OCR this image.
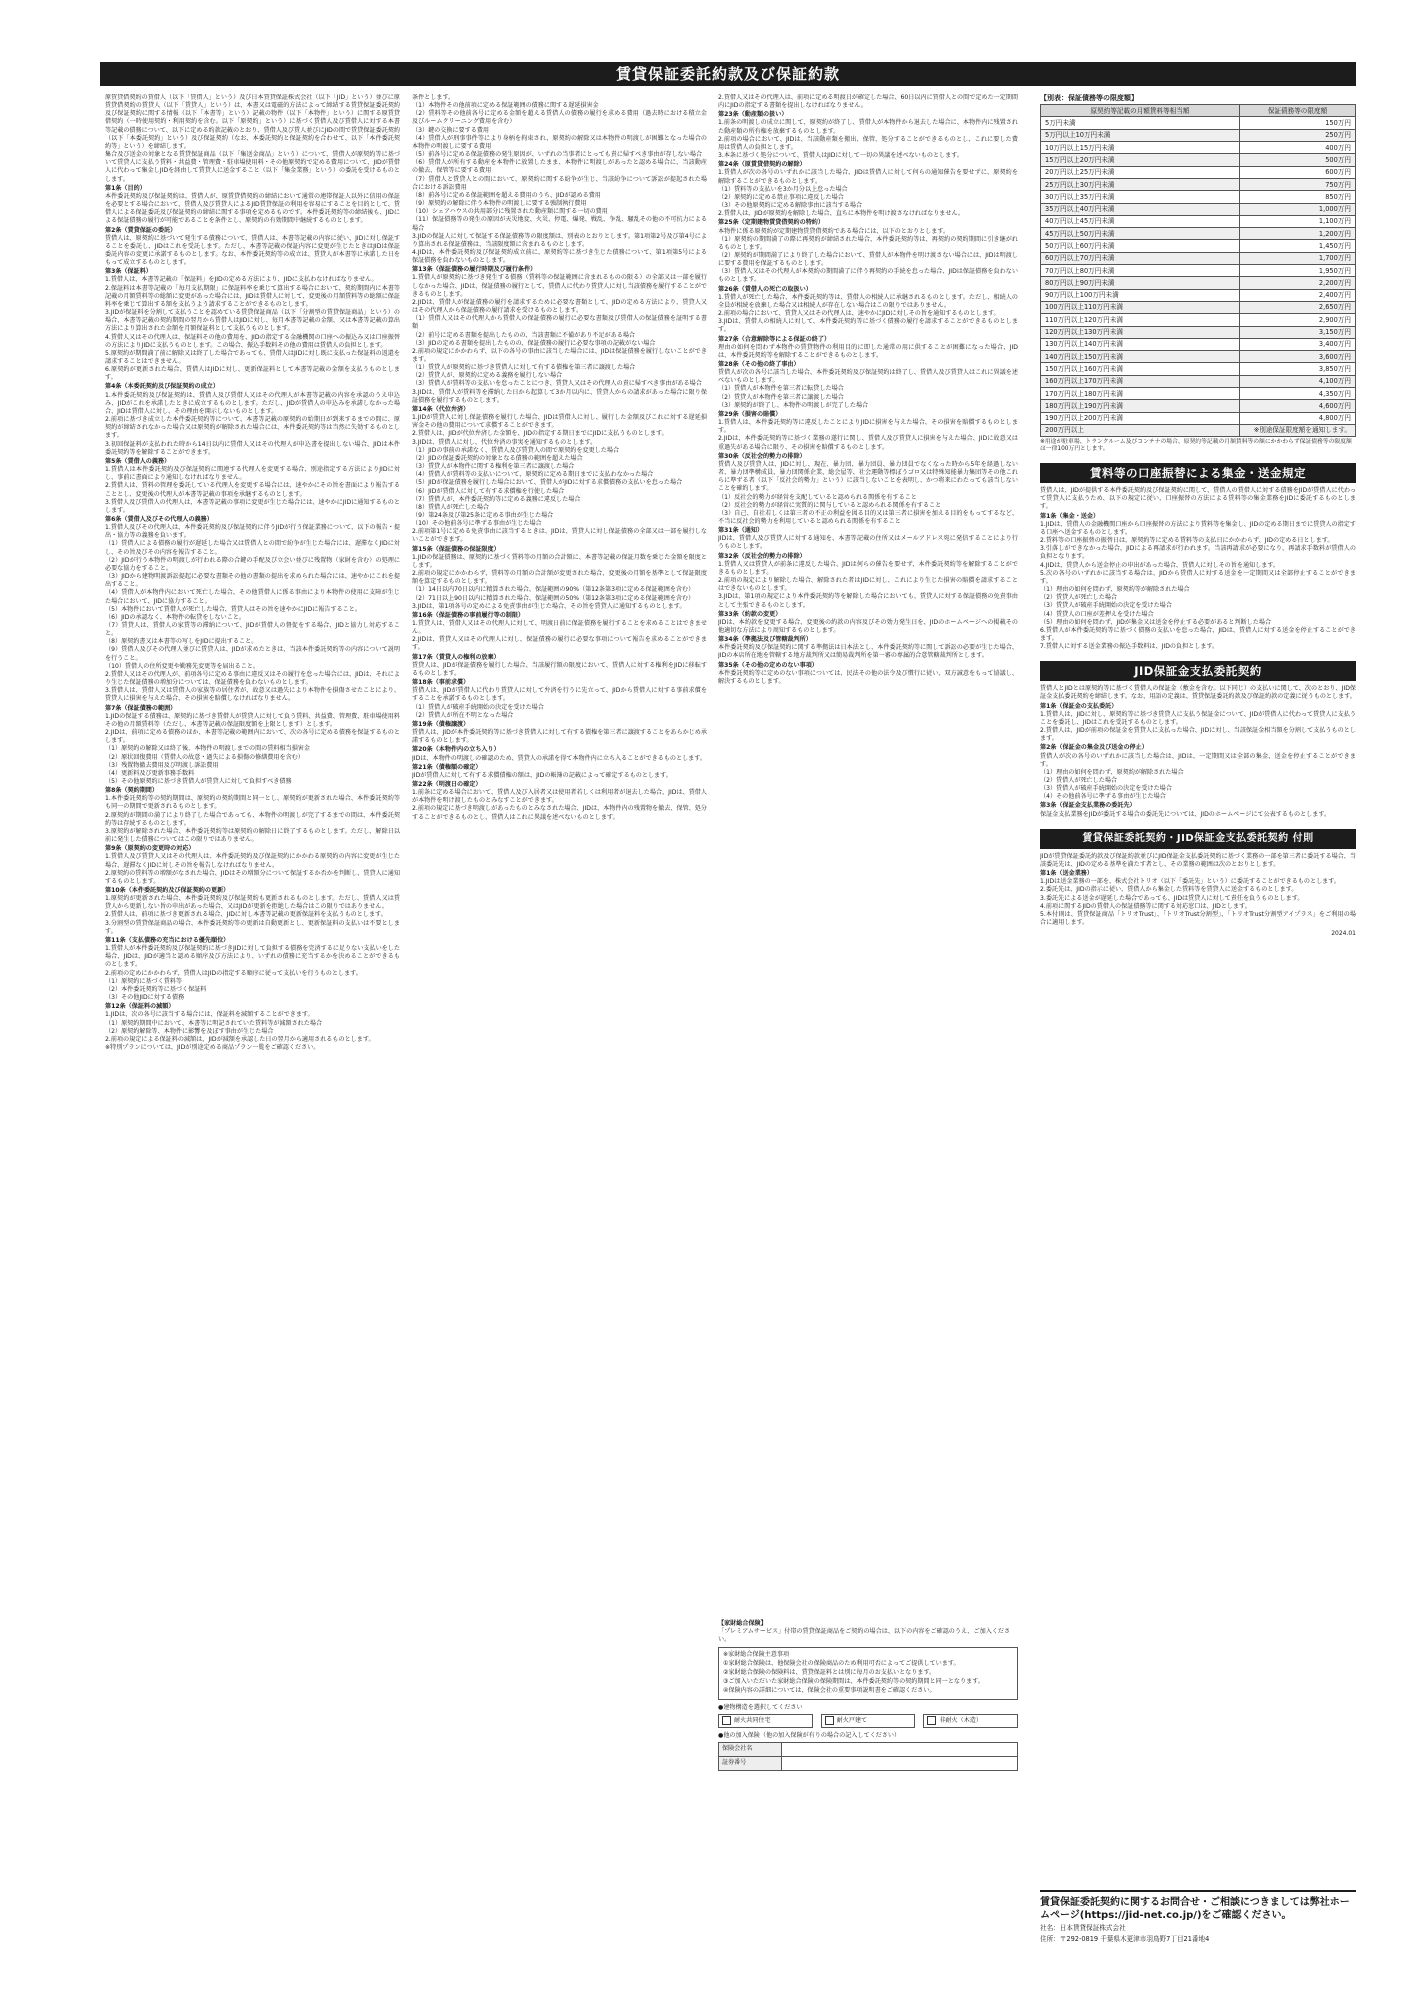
賃貸保証委託約款及び保証約款
原賃貸借契約の賃借人（以下「賃借人」という）及び日本賃貸保証株式会社（以下「JID」という）並びに原賃貸借契約の賃貸人（以下「賃貸人」という）は、本書又は電磁的方法によって締結する賃貸保証委託契約及び保証契約に関する情報（以下「本書等」という）記載の物件（以下「本物件」という）に関する原賃貸借契約（一時使用契約・利用契約を含む。以下「原契約」という）に基づく賃借人及び賃借人に対する本書等記載の債務について、以下に定める約款記載のとおり、賃借人及び賃人並びにJIDの間で賃貸保証委託契約（以下「本委託契約」という）及び保証契約（なお、本委託契約と保証契約を合わせて、以下「本件委託契約等」という）を締結します。
集合及び送金の対象となる賃貸保証商品（以下「集送金商品」という）について、賃借人が原契約等に基づいて賃貸人に支払う賃料・共益費・管理費・駐車場使用料・その他原契約で定める費用について、JIDが賃借人に代わって集金しJIDを経由して賃貸人に送金すること（以下「集金業務」という）の委託を受けるものとします。
第1条（目的）
本件委託契約及び保証契約は、賃借人が、原賃貸借契約の締結において通常の連帯保証人以外に信用の保証を必要とする場合において、賃借人及び賃貸人によるJID賃貸保証の利用を容易にすることを目的として、賃借人による保証委託及び保証契約の締結に関する事項を定めるものです。本件委託契約等の締結後も、JIDによる保証債務の履行が可能であることを条件とし、原契約の有効期間中継続するものとします。
第2条（賃貸保証の委託）
賃借人は、原契約に基づいて発生する債務について、賃借人は、本書等記載の内容に従い、JIDに対し保証することを委託し、JIDはこれを受託します。ただし、本書等記載の保証内容に変更が生じたときはJIDは保証委託内容の変更に承諾するものとします。なお、本件委託契約等の成立は、賃貸人が本書等に承諾した日をもって成立するものとします。
第3条（保証料）
1.賃借人は、本書等記載の「保証料」をJIDの定める方法により、JIDに支払わなければなりません。
2.保証料は本書等記載の「毎月支払期限」に保証料率を乗じて算出する場合において、契約期間内に本書等記載の月額賃料等の総額に変更があった場合には、JIDは賃借人に対して、変更後の月額賃料等の総額に保証料率を乗じて算出する額を支払うよう請求することができるものとします。
3.JIDが保証料を分割して支払うことを認めている賃貸保証商品（以下「分割型の賃貸保証商品」という）の場合、本書等記載の契約期間の翌月から賃借人はJIDに対し、毎月本書等記載の金額、又は本書等記載の算出方法により算出された金額を月額保証料として支払うものとします。
4.賃借人又はその代理人は、保証料その他の費用を、JIDの指定する金融機関の口座への振込み又は口座振替の方法によりJIDに支払うものとします。この場合、振込手数料その他の費用は賃借人の負担とします。
5.原契約が期間満了前に解除又は終了した場合であっても、賃借人はJIDに対し既に支払った保証料の返還を請求することはできません。
6.原契約が更新された場合、賃借人はJIDに対し、更新保証料として本書等記載の金額を支払うものとします。
第4条（本委託契約及び保証契約の成立）
1.本件委託契約及び保証契約は、賃借人及び賃借人又はその代理人が本書等記載の内容を承認のうえ申込み、JIDがこれを承諾したときに成立するものとします。ただし、JIDが賃借人の申込みを承諾しなかった場合、JIDは賃借人に対し、その理由を開示しないものとします。
2.前項に基づき成立した本件委託契約等について、本書等記載の原契約の始期日が到来するまでの間に、原契約が締結されなかった場合又は原契約が解除された場合には、本件委託契約等は当然に失効するものとします。
3.初回保証料が支払われた時から14日以内に賃借人又はその代理人が申込書を提出しない場合、JIDは本件委託契約等を解除することができます。
第5条（賃借人の義務）
1.賃借人は本件委託契約及び保証契約に関連する代理人を変更する場合、別途指定する方法によりJIDに対し、事前に書面により通知しなければなりません。
2.賃借人は、賃料の管理を委託している代理人を変更する場合には、速やかにその旨を書面により報告することとし、変更後の代理人が本書等記載の事項を承継するものとします。
3.賃借人及び賃借人の代理人は、本書等記載の事項に変更が生じた場合には、速やかにJIDに通知するものとします。
第6条（賃借人及びその代理人の義務）
1.賃借人及びその代理人は、本件委託契約及び保証契約に伴うJIDが行う保証業務について、以下の報告・提出・協力等の義務を負います。
（1）賃借人による債務の履行が遅延した場合又は賃借人との間で紛争が生じた場合には、遅滞なくJIDに対し、その旨及びその内容を報告すること。
（2）JIDが行う本物件の明渡しが行われる際の合鍵の手配及び立会い並びに残置物（家財を含む）の処理に必要な協力をすること。
（3）JIDから建物明渡訴訟提起に必要な書類その他の書類の提出を求められた場合には、速やかにこれを提出すること。
（4）賃借人が本物件内において死亡した場合、その他賃借人に係る事由により本物件の使用に支障が生じた場合において、JIDに協力すること。
（5）本物件において賃借人が死亡した場合、賃貸人はその旨を速やかにJIDに報告すること。
（6）JIDの承認なく、本物件の転貸をしないこと。
（7）賃貸人は、賃借人の家賃等の滞納について、JIDが賃借人の督促をする場合、JIDと協力し対応すること。
（8）原契約書又は本書等の写しをJIDに提出すること。
（9）賃借人及びその代理人並びに賃貸人は、JIDが求めたときは、当該本件委託契約等の内容について説明を行うこと。
（10）賃借人の住所変更や勤務先変更等を届出ること。
2.賃借人又はその代理人が、前項各号に定める事由に違反又はその履行を怠った場合には、JIDは、それにより生じた保証債務の増加分については、保証債務を負わないものとします。
3.賃借人は、賃借人又は賃借人の家族等の居住者が、故意又は過失により本物件を損傷させたことにより、賃貸人に損害を与えた場合、その損害を賠償しなければなりません。
第7条（保証債務の範囲）
1.JIDの保証する債務は、原契約に基づき賃借人が賃貸人に対して負う賃料、共益費、管理費、駐車場使用料その他の月額賃料等（ただし、本書等記載の保証限度額を上限とします）とします。
2.JIDは、前項に定める債務のほか、本書等記載の範囲内において、次の各号に定める債務を保証するものとします。
（1）原契約の解除又は終了後、本物件の明渡しまでの間の賃料相当損害金
（2）原状回復費用（賃借人の故意・過失による損傷の修繕費用を含む）
（3）残置物撤去費用及び明渡し訴訟費用
（4）更新料及び更新事務手数料
（5）その他原契約に基づき賃借人が賃貸人に対して負担すべき債務
第8条（契約期間）
1.本件委託契約等の契約期間は、原契約の契約期間と同一とし、原契約が更新された場合、本件委託契約等も同一の期間で更新されるものとします。
2.原契約が期間の満了により終了した場合であっても、本物件の明渡しが完了するまでの間は、本件委託契約等は存続するものとします。
3.原契約が解除された場合、本件委託契約等は原契約の解除日に終了するものとします。ただし、解除日以前に発生した債務についてはこの限りではありません。
第9条（原契約の変更時の対応）
1.賃借人及び賃貸人又はその代理人は、本件委託契約及び保証契約にかかわる原契約の内容に変更が生じた場合、遅滞なくJIDに対しその旨を報告しなければなりません。
2.原契約の賃料等の増額がなされた場合、JIDはその増額分について保証するか否かを判断し、賃貸人に通知するものとします。
第10条（本件委託契約及び保証契約の更新）
1.原契約が更新された場合、本件委託契約及び保証契約も更新されるものとします。ただし、賃借人又は賃貸人から更新しない旨の申出があった場合、又はJIDが更新を拒絶した場合はこの限りではありません。
2.賃借人は、前項に基づき更新される場合、JIDに対し本書等記載の更新保証料を支払うものとします。
3.分割型の賃貸保証商品の場合、本件委託契約等の更新は自動更新とし、更新保証料の支払いは不要とします。
第11条（支払債務の充当における優先順位）
1.賃借人が本件委託契約及び保証契約に基づきJIDに対して負担する債務を完済するに足りない支払いをした場合、JIDは、JIDが適当と認める順序及び方法により、いずれの債務に充当するかを決めることができるものとします。
2.前項の定めにかかわらず、賃借人はJIDの指定する順序に従って支払いを行うものとします。
（1）原契約に基づく賃料等
（2）本件委託契約等に基づく保証料
（3）その他JIDに対する債務
第12条（保証料の減額）
1.JIDは、次の各号に該当する場合には、保証料を減額することができます。
（1）原契約期間中において、本書等に明記されていた賃料等が減額された場合
（2）原契約解除等、本物件に影響を及ぼす事由が生じた場合
2.前項の規定による保証料の減額は、JIDが減額を承認した日の翌月から適用されるものとします。
※特別プランについては、JIDが別途定める商品プラン一覧をご確認ください。
条件とします。
（1）本物件その他前項に定める保証範囲の債務に関する遅延損害金
（2）賃料等その他前各号に定める金額を超える賃借人の債務の履行を求める費用（過去時における積立金及びルームクリーニング費用を含む）
（3）鍵の交換に要する費用
（4）賃借人が刑事事件等により身柄を拘束され、原契約の解除又は本物件の明渡しが困難となった場合の本物件の明渡しに要する費用
（5）前各号に定める保証債務の発生原因が、いずれの当事者にとっても責に帰すべき事由が存しない場合
（6）賃借人が所有する動産を本物件に放置したまま、本物件に明渡しがあったと認める場合に、当該動産の撤去、保管等に要する費用
（7）賃借人と賃貸人との間において、原契約に関する紛争が生じ、当該紛争について訴訟が提起された場合における訴訟費用
（8）前各号に定める保証範囲を超える費用のうち、JIDが認める費用
（9）原契約の解除に伴う本物件の明渡しに要する強制執行費用
（10）シェアハウスの共用部分に残置された動産類に関する一切の費用
（11）保証債務等の発生の原因が天災地変、火災、停電、爆発、戦乱、争乱、騒乱その他の不可抗力による場合
3.JIDの保証人に対して保証する保証債務等の限度額は、別表のとおりとします。第1項第2号及び第4号により算出される保証債務は、当該限度額に含まれるものとします。
4.JIDは、本件委託契約及び保証契約成立前に、原契約等に基づき生じた債務について、第1項第5号による保証債務を負わないものとします。
第13条（保証債務の履行時期及び履行条件）
1.賃借人が原契約に基づき発生する債務（賃料等の保証範囲に含まれるものの限る）の全部又は一部を履行しなかった場合、JIDは、保証債務の履行として、賃借人に代わり賃貸人に対し当該債務を履行することができるものとします。
2.JIDは、賃借人が保証債務の履行を請求するために必要な書類として、JIDの定める方法により、賃貸人又はその代理人から保証債務の履行請求を受けるものとします。
（1）賃借人又はその代理人から賃借人の保証債務の履行に必要な書類及び賃借人の保証債務を証明する書類
（2）前号に定める書類を提出したものの、当該書類に不備があり不足がある場合
（3）JIDの定める書類を提出したものの、保証債務の履行に必要な事項の記載がない場合
2.前項の規定にかかわらず、以下の各号の事由に該当した場合には、JIDは保証債務を履行しないことができます。
（1）賃貸人が原契約に基づき賃借人に対して有する債権を第三者に譲渡した場合
（2）賃貸人が、原契約に定める義務を履行しない場合
（3）賃借人が賃料等の支払いを怠ったことにつき、賃貸人又はその代理人の責に帰すべき事由がある場合
3.JIDは、賃借人が賃料等を滞納した日から起算して3か月以内に、賃貸人からの請求があった場合に限り保証債務を履行するものとします。
第14条（代位弁済）
1.JIDが賃貸人に対し保証債務を履行した場合、JIDは賃借人に対し、履行した金額及びこれに対する遅延損害金その他の費用について求償することができます。
2.賃借人は、JIDが代位弁済した金額を、JIDの指定する期日までにJIDに支払うものとします。
3.JIDは、賃借人に対し、代位弁済の事実を通知するものとします。
（1）JIDの事前の承諾なく、賃借人及び賃貸人の間で原契約を変更した場合
（2）JIDの保証委託契約の対象となる債務の範囲を超えた場合
（3）賃貸人が本物件に関する権利を第三者に譲渡した場合
（4）賃借人が賃料等の支払いについて、原契約に定める期日までに支払わなかった場合
（5）JIDが保証債務を履行した場合において、賃借人がJIDに対する求償債務の支払いを怠った場合
（6）JIDが賃借人に対して有する求償権を行使した場合
（7）賃借人が、本件委託契約等に定める義務に違反した場合
（8）賃借人が死亡した場合
（9）第24条及び第25条に定める事由が生じた場合
（10）その他前各号に準ずる事由が生じた場合
2.前項第1号に定める免責事由に該当するときは、JIDは、賃貸人に対し保証債務の全部又は一部を履行しないことができます。
第15条（保証債務の保証限度）
1.JIDの保証債務は、原契約に基づく賃料等の月額の合計額に、本書等記載の保証月数を乗じた金額を限度とします。
2.前項の規定にかかわらず、賃料等の月額の合計額が変更された場合、変更後の月額を基準として保証限度額を算定するものとします。
（1）14日以内70日以内に精算された場合、保証範囲の90%（第12条第3項に定める保証範囲を含む）
（2）71日以上90日以内に精算された場合、保証範囲の50%（第12条第3項に定める保証範囲を含む）
3.JIDは、第1項各号の定めによる免責事由が生じた場合、その旨を賃貸人に通知するものとします。
第16条（保証債務の事前履行等の制限）
1.賃貸人は、賃借人又はその代理人に対して、明渡日前に保証債務を履行することを求めることはできません。
2.JIDは、賃貸人又はその代理人に対し、保証債務の履行に必要な事項について報告を求めることができます。
第17条（賃貸人の権利の放棄）
賃貸人は、JIDが保証債務を履行した場合、当該履行額の限度において、賃借人に対する権利をJIDに移転するものとします。
第18条（事前求償）
賃借人は、JIDが賃借人に代わり賃貸人に対して弁済を行うに先立って、JIDから賃借人に対する事前求償をすることを承諾するものとします。
（1）賃借人が破産手続開始の決定を受けた場合
（2）賃借人が所在不明となった場合
第19条（債権譲渡）
賃借人は、JIDが本件委託契約等に基づき賃借人に対して有する債権を第三者に譲渡することをあらかじめ承諾するものとします。
第20条（本物件内の立ち入り）
JIDは、本物件の明渡しの確認のため、賃貸人の承諾を得て本物件内に立ち入ることができるものとします。
第21条（債権額の確定）
JIDが賃借人に対して有する求償債権の額は、JIDの帳簿の記載によって確定するものとします。
第22条（明渡日の確定）
1.前条に定める場合において、賃借人及び入居者又は使用者若しくは利用者が退去した場合、JIDは、賃借人が本物件を明け渡したものとみなすことができます。
2.前項の規定に基づき明渡しがあったものとみなされた場合、JIDは、本物件内の残置物を撤去、保管、処分することができるものとし、賃借人はこれに異議を述べないものとします。
2.賃借人又はその代理人は、前項に定める明渡日が確定した場合、60日以内に賃借人との間で定めた一定期間内にJIDの指定する書類を提出しなければなりません。
第23条（動産類の扱い）
1.前条の明渡しの成立に関して、原契約が終了し、賃借人が本物件から退去した場合に、本物件内に残置された動産類の所有権を放棄するものとします。
2.前項の場合において、JIDは、当該動産類を搬出、保管、処分することができるものとし、これに要した費用は賃借人の負担とします。
3.本条に基づく処分について、賃借人はJIDに対して一切の異議を述べないものとします。
第24条（原賃貸借契約の解除）
1.賃借人が次の各号のいずれかに該当した場合、JIDは賃借人に対して何らの通知催告を要せずに、原契約を解除することができるものとします。
（1）賃料等の支払いを3か月分以上怠った場合
（2）原契約に定める禁止事項に違反した場合
（3）その他原契約に定める解除事由に該当する場合
2.賃借人は、JIDが原契約を解除した場合、直ちに本物件を明け渡さなければなりません。
第25条（定期建物賃貸借契約の特約）
本物件に係る原契約が定期建物賃貸借契約である場合には、以下のとおりとします。
（1）原契約の期間満了の際に再契約が締結された場合、本件委託契約等は、再契約の契約期間に引き継がれるものとします。
（2）原契約が期間満了により終了した場合において、賃借人が本物件を明け渡さない場合には、JIDは明渡しに要する費用を保証するものとします。
（3）賃借人又はその代理人が本契約の期間満了に伴う再契約の手続を怠った場合、JIDは保証債務を負わないものとします。
第26条（賃借人の死亡の取扱い）
1.賃借人が死亡した場合、本件委託契約等は、賃借人の相続人に承継されるものとします。ただし、相続人の全員が相続を放棄した場合又は相続人が存在しない場合はこの限りではありません。
2.前項の場合において、賃貸人又はその代理人は、速やかにJIDに対しその旨を通知するものとします。
3.JIDは、賃借人の相続人に対して、本件委託契約等に基づく債務の履行を請求することができるものとします。
第27条（合意解除等による保証の終了）
理由の如何を問わず本物件の賃貸物件の利用目的に即した通常の用に供することが困難になった場合、JIDは、本件委託契約等を解除することができるものとします。
第28条（その他の終了事由）
賃借人が次の各号に該当した場合、本件委託契約及び保証契約は終了し、賃借人及び賃貸人はこれに異議を述べないものとします。
（1）賃借人が本物件を第三者に転貸した場合
（2）賃貸人が本物件を第三者に譲渡した場合
（3）原契約が終了し、本物件の明渡しが完了した場合
第29条（損害の賠償）
1.賃借人は、本件委託契約等に違反したことによりJIDに損害を与えた場合、その損害を賠償するものとします。
2.JIDは、本件委託契約等に基づく業務の遂行に関し、賃借人及び賃貸人に損害を与えた場合、JIDに故意又は重過失がある場合に限り、その損害を賠償するものとします。
第30条（反社会的勢力の排除）
賃借人及び賃貸人は、JIDに対し、現在、暴力団、暴力団員、暴力団員でなくなった時から5年を経過しない者、暴力団準構成員、暴力団関係企業、総会屋等、社会運動等標ぼうゴロ又は特殊知能暴力集団等その他これらに準ずる者（以下「反社会的勢力」という）に該当しないことを表明し、かつ将来にわたっても該当しないことを確約します。
（1）反社会的勢力が経営を支配していると認められる関係を有すること
（2）反社会的勢力が経営に実質的に関与していると認められる関係を有すること
（3）自己、自社若しくは第三者の不正の利益を図る目的又は第三者に損害を加える目的をもってするなど、不当に反社会的勢力を利用していると認められる関係を有すること
第31条（通知）
JIDは、賃借人及び賃貸人に対する通知を、本書等記載の住所又はメールアドレス宛に発信することにより行うものとします。
第32条（反社会的勢力の排除）
1.賃借人又は賃貸人が前条に違反した場合、JIDは何らの催告を要せず、本件委託契約等を解除することができるものとします。
2.前項の規定により解除した場合、解除された者はJIDに対し、これにより生じた損害の賠償を請求することはできないものとします。
3.JIDは、第1項の規定により本件委託契約等を解除した場合においても、賃貸人に対する保証債務の免責事由として主張できるものとします。
第33条（約款の変更）
JIDは、本約款を変更する場合、変更後の約款の内容及びその効力発生日を、JIDのホームページへの掲載その他適切な方法により周知するものとします。
第34条（準拠法及び管轄裁判所）
本件委託契約及び保証契約に関する準拠法は日本法とし、本件委託契約等に関して訴訟の必要が生じた場合、JIDの本店所在地を管轄する地方裁判所又は簡易裁判所を第一審の専属的合意管轄裁判所とします。
第35条（その他の定めのない事項）
本件委託契約等に定めのない事項については、民法その他の法令及び慣行に従い、双方誠意をもって協議し、解決するものとします。
【家財総合保険】
「プレミアムサービス」付帯の賃貸保証商品をご契約の場合は、以下の内容をご確認のうえ、ご加入ください。
※家財総合保険主意事項
①家財総合保険は、他保険会社の保険商品のため利用可否によってご提供しています。
②家財総合保険の保険料は、賃貸保証料とは別に毎月のお支払いとなります。
③ご加入いただいた家財総合保険の保険期間は、本件委託契約等の契約期間と同一となります。
④保険内容の詳細については、保険会社の重要事項説明書をご確認ください。
●建物構造を選択してください
耐火共同住宅	耐火戸建て	非耐火（木造）
●他の加入保険（他の加入保険が有りの場合の記入してください）
保険会社名	
証券番号	
【別表：保証債務等の限度額】
原契約等記載の月額賃料等相当額	保証債務等の限度額
5万円未満	150万円
5万円以上10万円未満	250万円
10万円以上15万円未満	400万円
15万円以上20万円未満	500万円
20万円以上25万円未満	600万円
25万円以上30万円未満	750万円
30万円以上35万円未満	850万円
35万円以上40万円未満	1,000万円
40万円以上45万円未満	1,100万円
45万円以上50万円未満	1,200万円
50万円以上60万円未満	1,450万円
60万円以上70万円未満	1,700万円
70万円以上80万円未満	1,950万円
80万円以上90万円未満	2,200万円
90万円以上100万円未満	2,400万円
100万円以上110万円未満	2,650万円
110万円以上120万円未満	2,900万円
120万円以上130万円未満	3,150万円
130万円以上140万円未満	3,400万円
140万円以上150万円未満	3,600万円
150万円以上160万円未満	3,850万円
160万円以上170万円未満	4,100万円
170万円以上180万円未満	4,350万円
180万円以上190万円未満	4,600万円
190万円以上200万円未満	4,800万円
200万円以上	※別途保証限度額を通知します。
※用途が駐車場、トランクルーム及びコンテナの場合、原契約等記載の月額賃料等の額にかかわらず保証債務等の限度額は一律100万円とします。
賃料等の口座振替による集金・送金規定
賃借人は、JIDが提供する本件委託契約及び保証契約に関して、賃借人の賃借人に対する債務をJIDが賃借人に代わって賃貸人に支払うため、以下の規定に従い、口座振替の方法による賃料等の集金業務をJIDに委託するものとします。
第1条（集金・送金）
1.JIDは、賃借人の金融機関口座から口座振替の方法により賃料等を集金し、JIDの定める期日までに賃貸人の指定する口座へ送金するものとします。
2.賃料等の口座振替の振替日は、原契約等に定める賃料等の支払日にかかわらず、JIDの定める日とします。
3.引落しができなかった場合、JIDによる再請求が行われます。当該再請求が必要になり、再請求手数料が賃借人の負担となります。
4.JIDは、賃貸人から送金停止の申出があった場合、賃借人に対しその旨を通知します。
5.次の各号のいずれかに該当する場合は、JIDから賃借人に対する送金を一定期間又は全部停止することができます。
（1）理由の如何を問わず、原契約等が解除された場合
（2）賃貸人が死亡した場合
（3）賃貸人が破産手続開始の決定を受けた場合
（4）賃貸人の口座が差押えを受けた場合
（5）理由の如何を問わず、JIDが集金又は送金を停止する必要があると判断した場合
6.賃借人が本件委託契約等に基づく債務の支払いを怠った場合、JIDは、賃借人に対する送金を停止することができます。
7.賃借人に対する送金業務の振込手数料は、JIDの負担とします。
JID保証金支払委託契約
賃借人とJIDとは原契約等に基づく賃借人の保証金（敷金を含む。以下同じ）の支払いに関して、次のとおり、JID保証金支払委託契約を締結します。なお、用語の定義は、賃貸保証委託約款及び保証約款の定義に従うものとします。
第1条（保証金の支払委託）
1.賃借人は、JIDに対し、原契約等に基づき賃貸人に支払う保証金について、JIDが賃借人に代わって賃貸人に支払うことを委託し、JIDはこれを受託するものとします。
2.賃借人は、JIDが前項の保証金を賃貸人に支払った場合、JIDに対し、当該保証金相当額を分割して支払うものとします。
第2条（保証金の集金及び送金の停止）
賃借人が次の各号のいずれかに該当した場合は、JIDは、一定期間又は全部の集金、送金を停止することができます。
（1）理由の如何を問わず、原契約が解除された場合
（2）賃借人が死亡した場合
（3）賃借人が破産手続開始の決定を受けた場合
（4）その他前各号に準ずる事由が生じた場合
第3条（保証金支払業務の委託先）
保証金支払業務をJIDが委託する場合の委託先については、JIDのホームページにて公表するものとします。
賃貸保証委託契約・JID保証金支払委託契約 付則
JIDが賃貸保証委託約款及び保証約款並びにJID保証金支払委託契約に基づく業務の一部を第三者に委託する場合、当該委託先は、JIDの定める基準を満たす者とし、その業務の範囲は次のとおりとします。
第1条（送金業務）
1.JIDは送金業務の一部を、株式会社トリオ（以下「委託先」という）に委託することができるものとします。
2.委託先は、JIDの指示に従い、賃借人から集金した賃料等を賃貸人に送金するものとします。
3.委託先による送金が遅延した場合であっても、JIDは賃貸人に対して責任を負うものとします。
4.前項に関するJIDの賃借人の保証債務等に関する対応窓口は、JIDとします。
5.本付則は、賃貸保証商品「トリオTrust」、「トリオTrust分割型」、「トリオTrust分割型アイプラス」をご利用の場合に適用します。
2024.01
賃貸保証委託契約に関するお問合せ・ご相談につきましては弊社ホームページ(https://jid-net.co.jp/)をご確認ください。
社名：日本賃貸保証株式会社
住所：〒292-0819 千葉県木更津市羽鳥野7丁目21番地4
